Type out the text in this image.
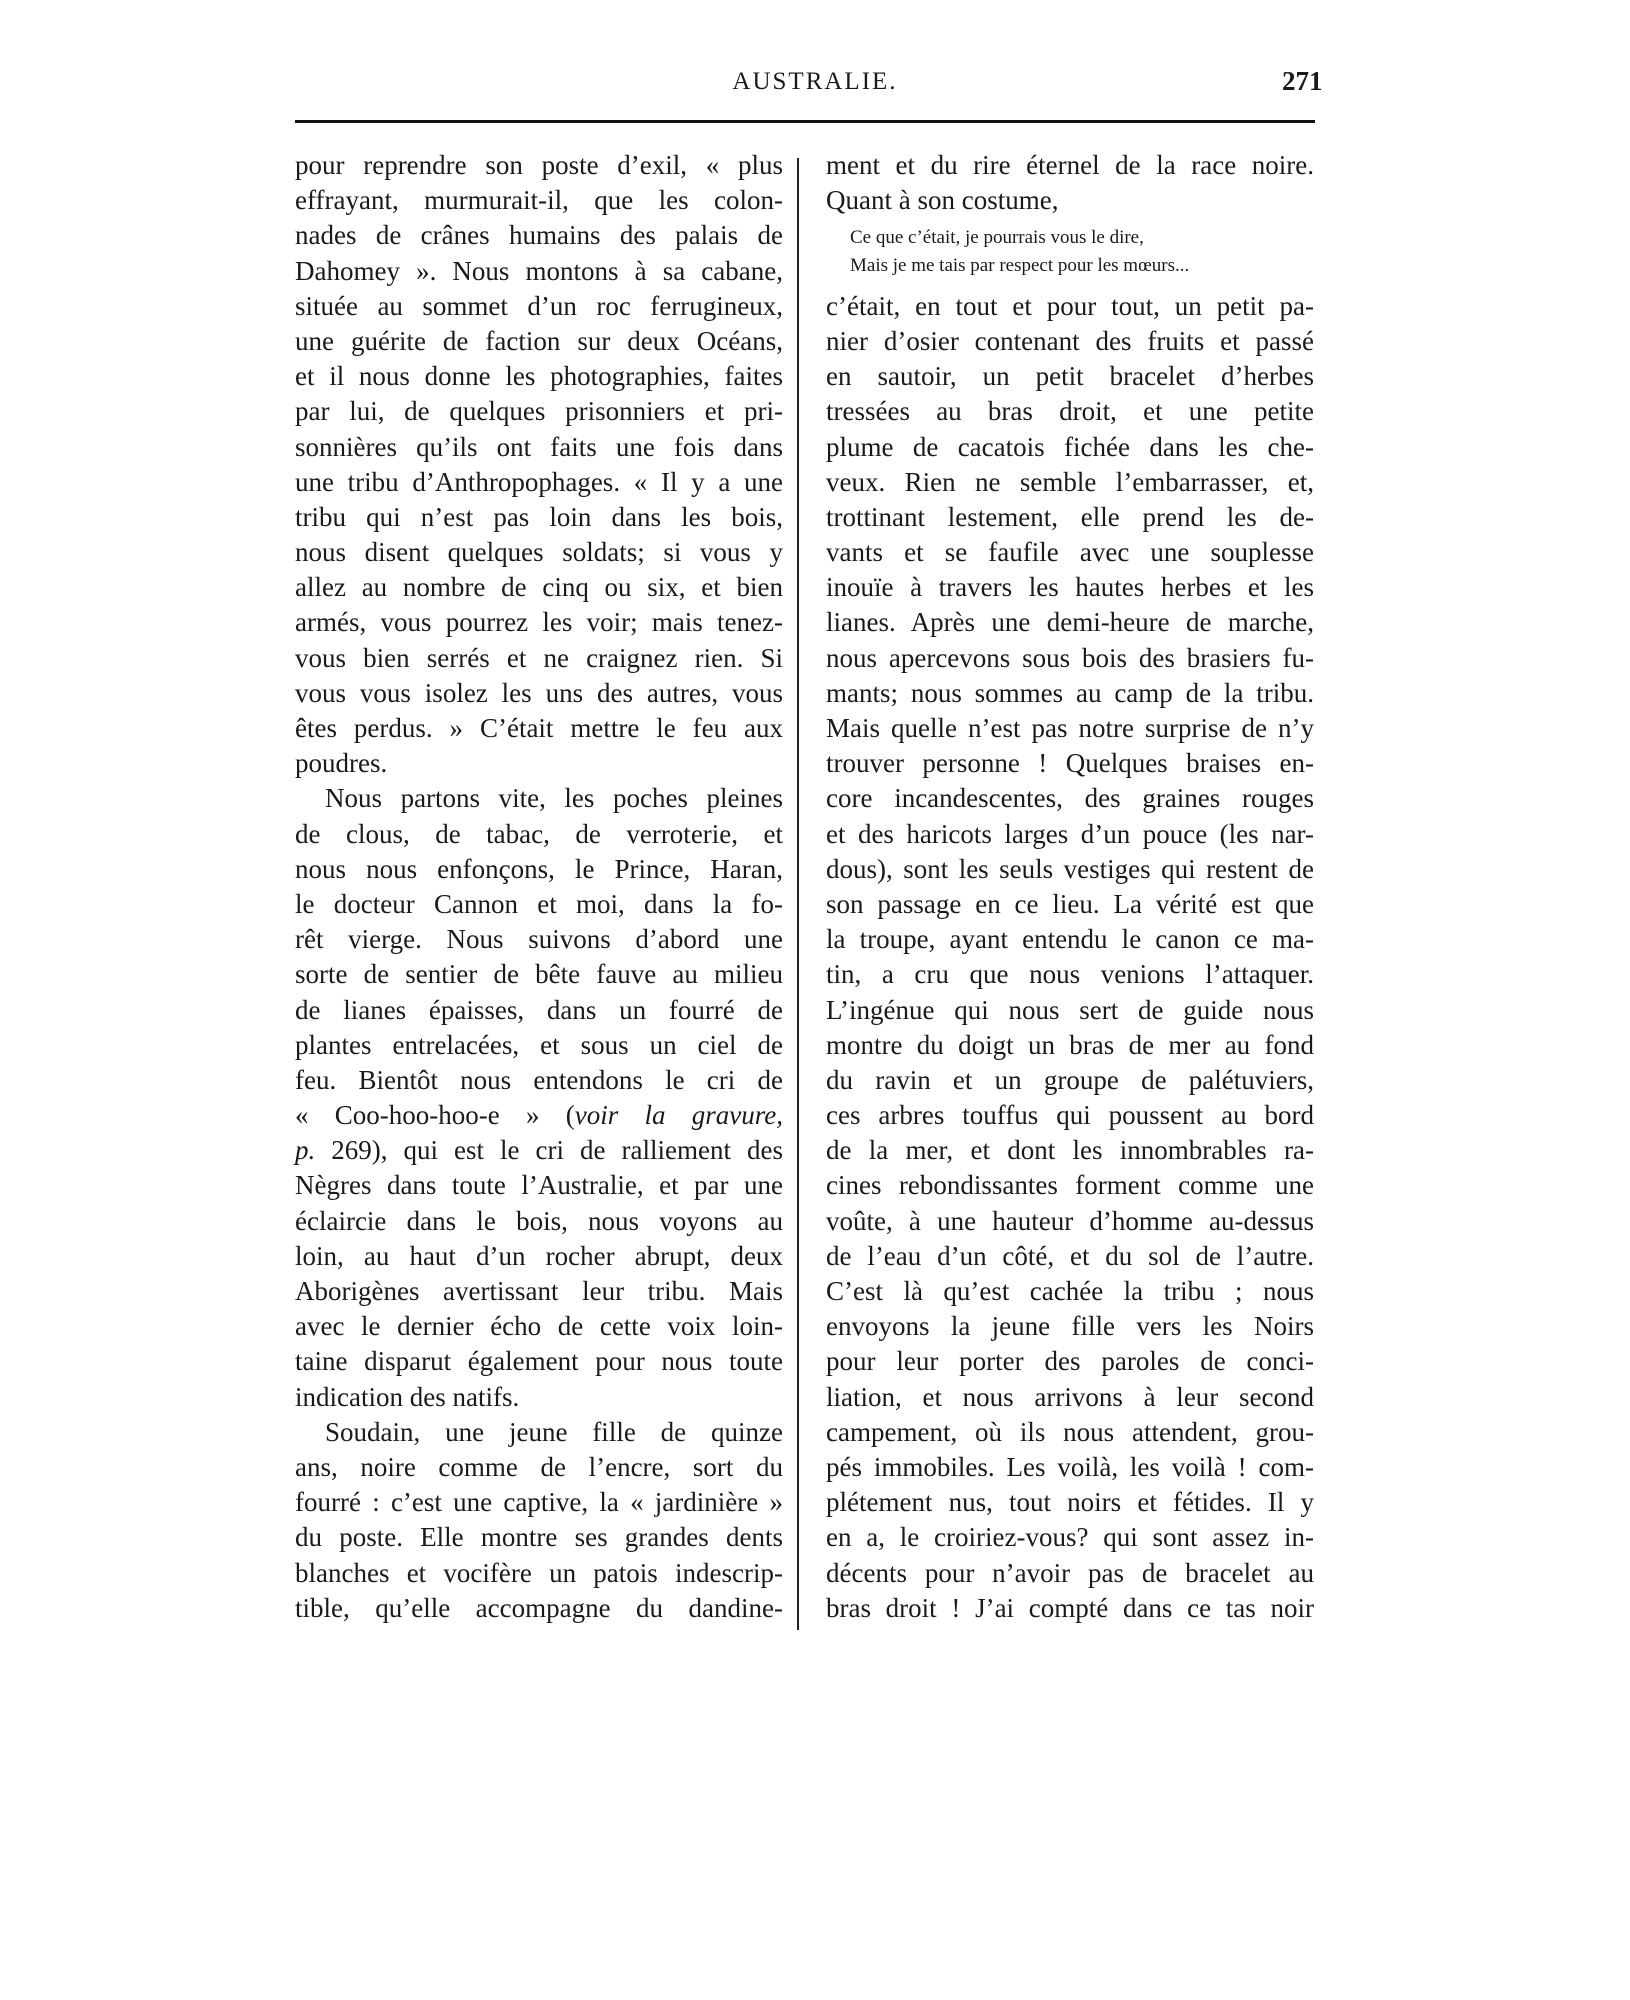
AUSTRALIE.	271
pour reprendre son poste d’exil, « plus
effrayant, murmurait-il, que les colon-
nades de crânes humains des palais de
Dahomey ». Nous montons à sa cabane,
située au sommet d’un roc ferrugineux,
une guérite de faction sur deux Océans,
et il nous donne les photographies, faites
par lui, de quelques prisonniers et pri-
sonnières qu’ils ont faits une fois dans
une tribu d’Anthropophages. « Il y a une
tribu qui n’est pas loin dans les bois,
nous disent quelques soldats; si vous y
allez au nombre de cinq ou six, et bien
armés, vous pourrez les voir; mais tenez-
vous bien serrés et ne craignez rien. Si
vous vous isolez les uns des autres, vous
êtes perdus. » C’était mettre le feu aux
poudres.
Nous partons vite, les poches pleines
de clous, de tabac, de verroterie, et
nous nous enfonçons, le Prince, Haran,
le docteur Cannon et moi, dans la fo-
rêt vierge. Nous suivons d’abord une
sorte de sentier de bête fauve au milieu
de lianes épaisses, dans un fourré de
plantes entrelacées, et sous un ciel de
feu. Bientôt nous entendons le cri de
« Coo-hoo-hoo-e » (voir la gravure,
p. 269), qui est le cri de ralliement des
Nègres dans toute l’Australie, et par une
éclaircie dans le bois, nous voyons au
loin, au haut d’un rocher abrupt, deux
Aborigènes avertissant leur tribu. Mais
avec le dernier écho de cette voix loin-
taine disparut également pour nous toute
indication des natifs.
Soudain, une jeune fille de quinze
ans, noire comme de l’encre, sort du
fourré : c’est une captive, la « jardinière »
du poste. Elle montre ses grandes dents
blanches et vocifère un patois indescrip-
tible, qu’elle accompagne du dandine-
ment et du rire éternel de la race noire.
Quant à son costume,
Ce que c’était, je pourrais vous le dire,
Mais je me tais par respect pour les mœurs...
c’était, en tout et pour tout, un petit pa-
nier d’osier contenant des fruits et passé
en sautoir, un petit bracelet d’herbes
tressées au bras droit, et une petite
plume de cacatois fichée dans les che-
veux. Rien ne semble l’embarrasser, et,
trottinant lestement, elle prend les de-
vants et se faufile avec une souplesse
inouïe à travers les hautes herbes et les
lianes. Après une demi-heure de marche,
nous apercevons sous bois des brasiers fu-
mants; nous sommes au camp de la tribu.
Mais quelle n’est pas notre surprise de n’y
trouver personne ! Quelques braises en-
core incandescentes, des graines rouges
et des haricots larges d’un pouce (les nar-
dous), sont les seuls vestiges qui restent de
son passage en ce lieu. La vérité est que
la troupe, ayant entendu le canon ce ma-
tin, a cru que nous venions l’attaquer.
L’ingénue qui nous sert de guide nous
montre du doigt un bras de mer au fond
du ravin et un groupe de palétuviers,
ces arbres touffus qui poussent au bord
de la mer, et dont les innombrables ra-
cines rebondissantes forment comme une
voûte, à une hauteur d’homme au-dessus
de l’eau d’un côté, et du sol de l’autre.
C’est là qu’est cachée la tribu ; nous
envoyons la jeune fille vers les Noirs
pour leur porter des paroles de conci-
liation, et nous arrivons à leur second
campement, où ils nous attendent, grou-
pés immobiles. Les voilà, les voilà ! com-
plétement nus, tout noirs et fétides. Il y
en a, le croiriez-vous? qui sont assez in-
décents pour n’avoir pas de bracelet au
bras droit ! J’ai compté dans ce tas noir
